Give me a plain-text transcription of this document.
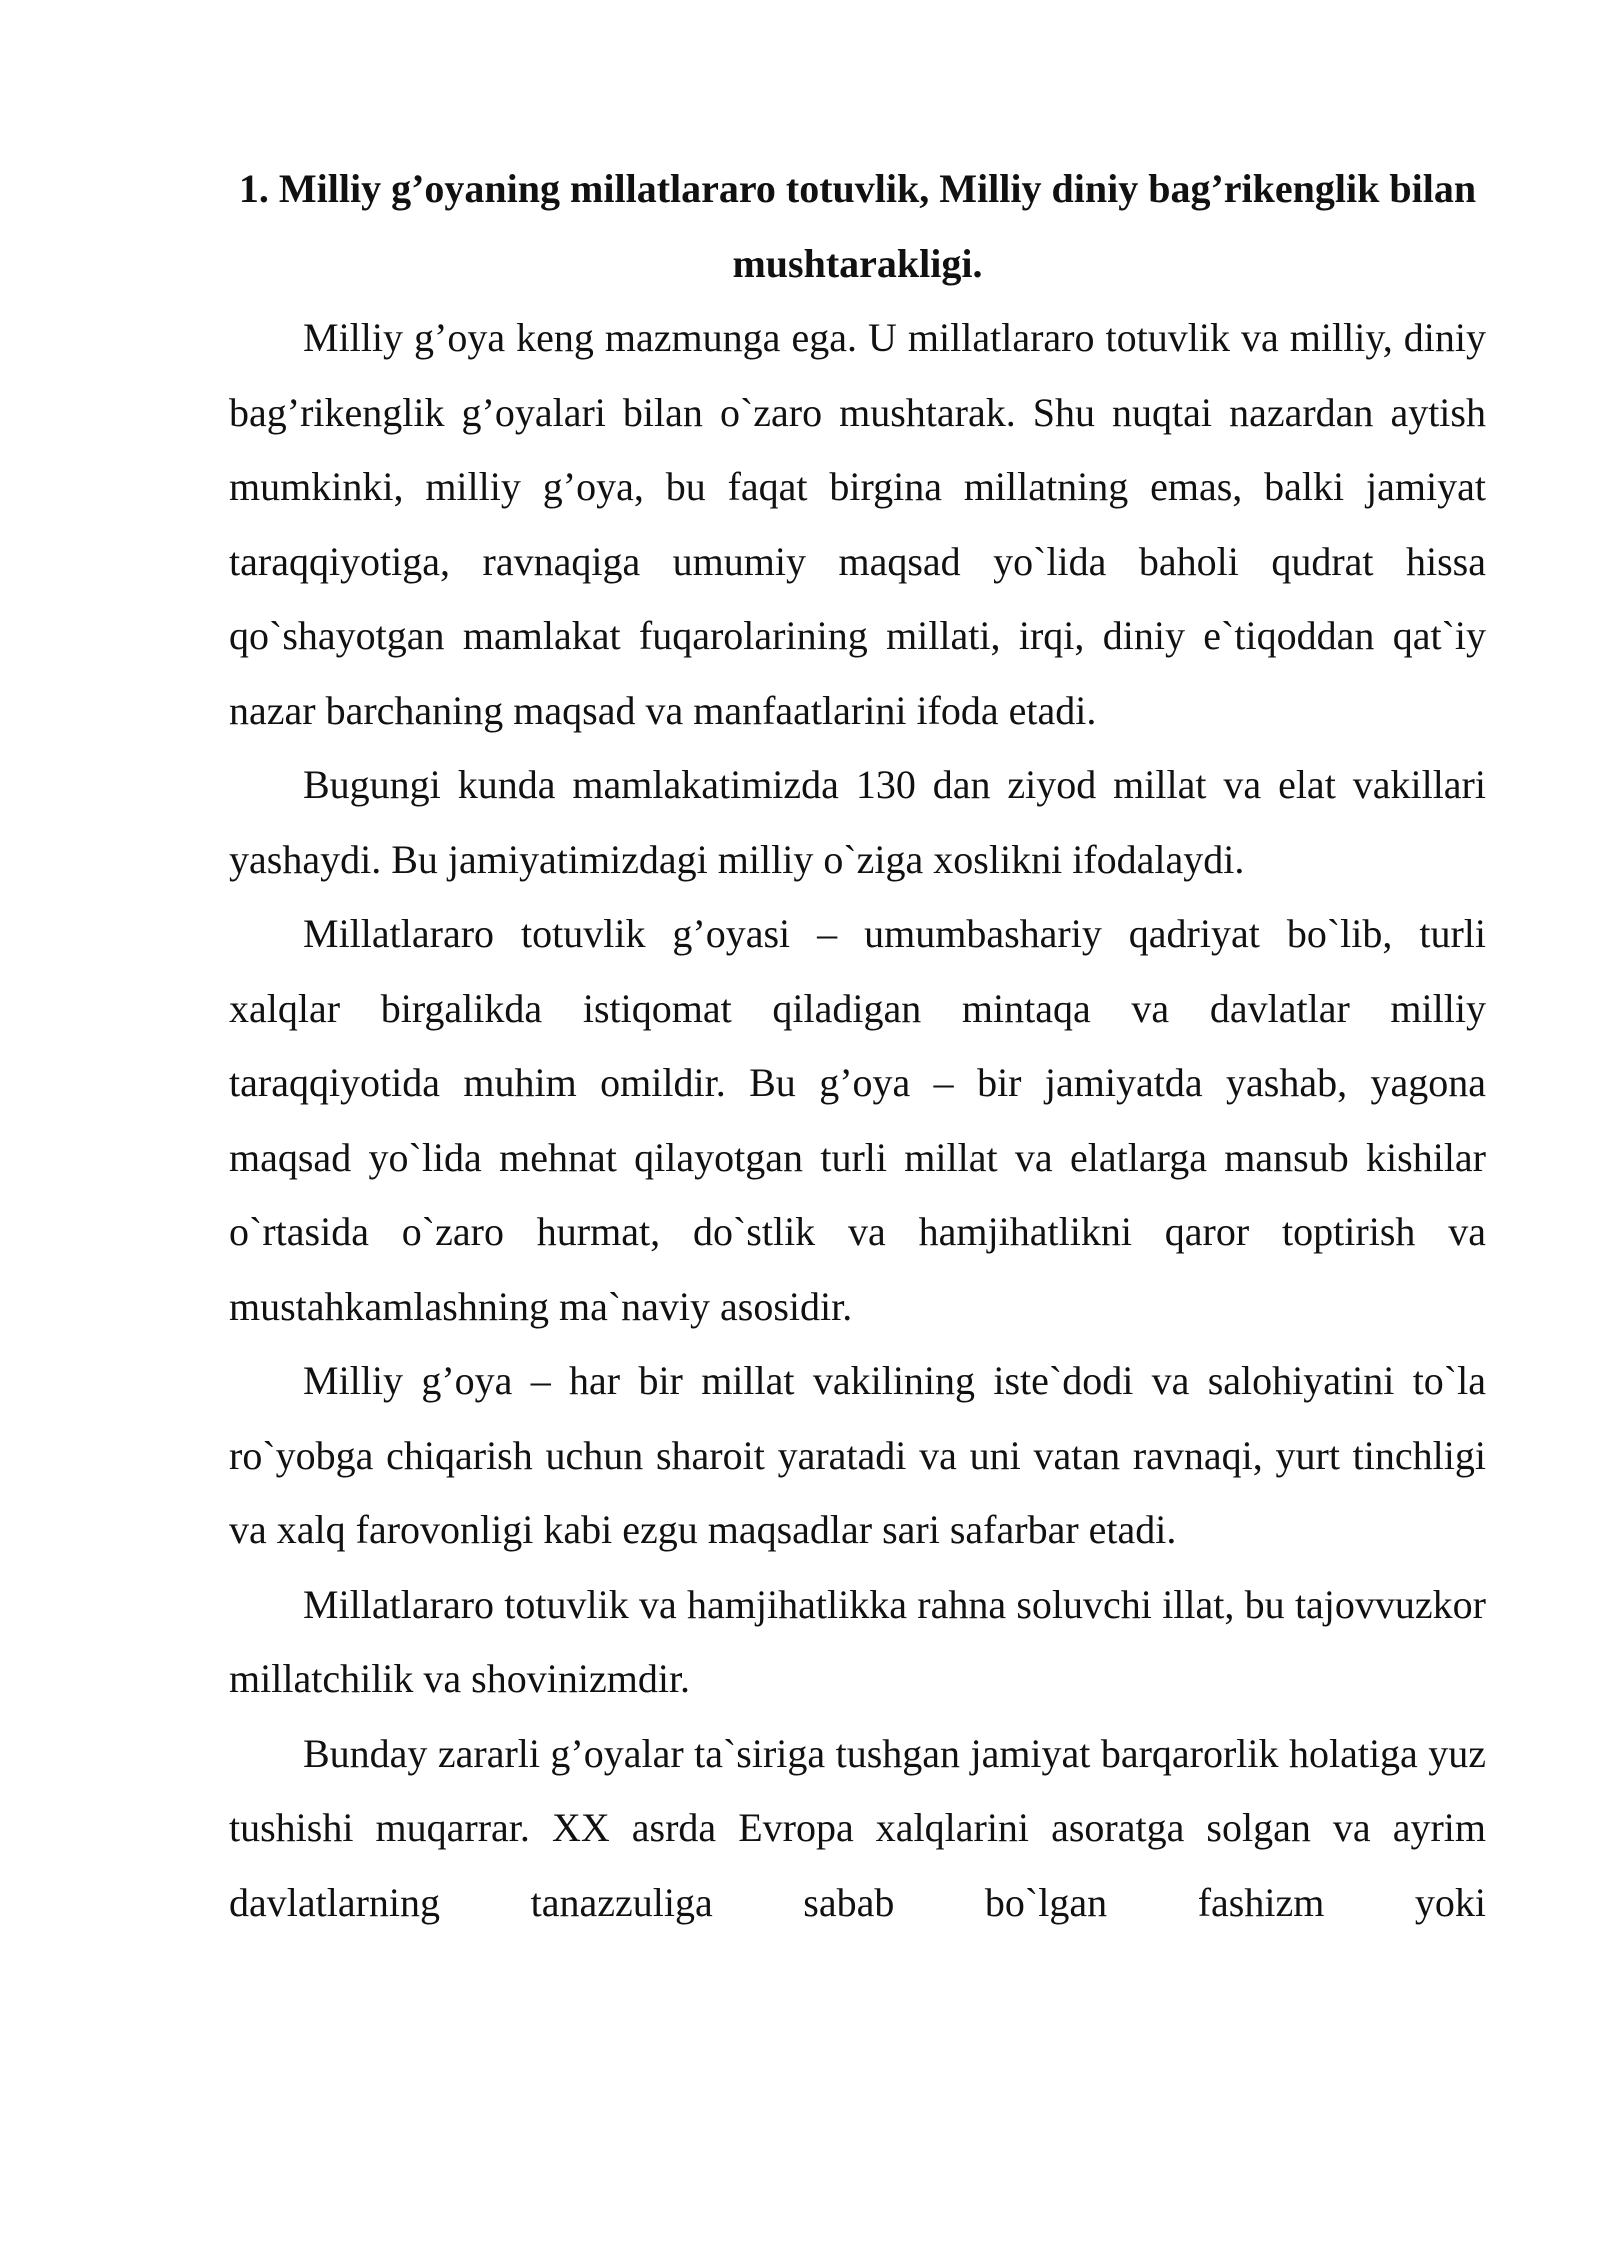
1. Milliy g’oyaning millatlararo totuvlik, Milliy diniy bag’rikenglik bilan mushtarakligi.

Milliy g’oya keng mazmunga ega. U millatlararo totuvlik va milliy, diniy bag’rikenglik g’oyalari bilan o`zaro mushtarak. Shu nuqtai nazardan aytish mumkinki, milliy g’oya, bu faqat birgina millatning emas, balki jamiyat taraqqiyotiga, ravnaqiga umumiy maqsad yo`lida baholi qudrat hissa qo`shayotgan mamlakat fuqarolarining millati, irqi, diniy e`tiqoddan qat`iy nazar barchaning maqsad va manfaatlarini ifoda etadi.

Bugungi kunda mamlakatimizda 130 dan ziyod millat va elat vakillari yashaydi. Bu jamiyatimizdagi milliy o`ziga xoslikni ifodalaydi.

Millatlararo totuvlik g’oyasi – umumbashariy qadriyat bo`lib, turli xalqlar birgalikda istiqomat qiladigan mintaqa va davlatlar milliy taraqqiyotida muhim omildir. Bu g’oya – bir jamiyatda yashab, yagona maqsad yo`lida mehnat qilayotgan turli millat va elatlarga mansub kishilar o`rtasida o`zaro hurmat, do`stlik va hamjihatlikni qaror toptirish va mustahkamlashning ma`naviy asosidir.

Milliy g’oya – har bir millat vakilining iste`dodi va salohiyatini to`la ro`yobga chiqarish uchun sharoit yaratadi va uni vatan ravnaqi, yurt tinchligi va xalq farovonligi kabi ezgu maqsadlar sari safarbar etadi.

Millatlararo totuvlik va hamjihatlikka rahna soluvchi illat, bu tajovvuzkor millatchilik va shovinizmdir.

Bunday zararli g’oyalar ta`siriga tushgan jamiyat barqarorlik holatiga yuz tushishi muqarrar. XX asrda Evropa xalqlarini asoratga solgan va ayrim davlatlarning tanazzuliga sabab bo`lgan fashizm yoki
